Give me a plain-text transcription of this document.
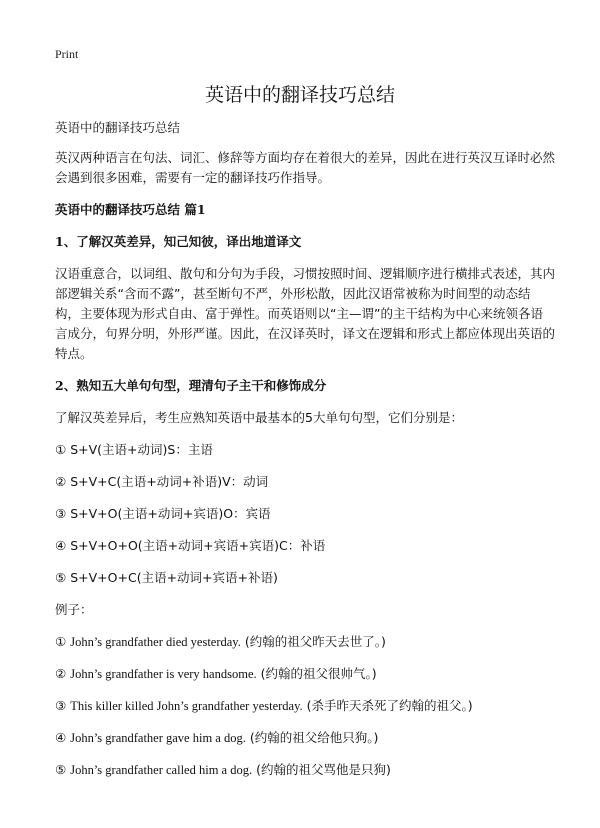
Print
英语中的翻译技巧总结

英语中的翻译技巧总结

英汉两种语言在句法、词汇、修辞等方面均存在着很大的差异，因此在进行英汉互译时必然会遇到很多困难，需要有一定的翻译技巧作指导。

英语中的翻译技巧总结 篇1
1、了解汉英差异，知己知彼，译出地道译文

汉语重意合，以词组、散句和分句为手段，习惯按照时间、逻辑顺序进行横排式表述，其内部逻辑关系“含而不露”，甚至断句不严，外形松散，因此汉语常被称为时间型的动态结构，主要体现为形式自由、富于弹性。而英语则以“主—谓”的主干结构为中心来统领各语言成分，句界分明，外形严谨。因此，在汉译英时，译文在逻辑和形式上都应体现出英语的特点。

2、熟知五大单句句型，理清句子主干和修饰成分

了解汉英差异后，考生应熟知英语中最基本的5大单句句型，它们分别是：

① S+V(主语+动词)S：主语
② S+V+C(主语+动词+补语)V：动词
③ S+V+O(主语+动词+宾语)O：宾语
④ S+V+O+O(主语+动词+宾语+宾语)C：补语
⑤ S+V+O+C(主语+动词+宾语+补语)

例子：

① John’s grandfather died yesterday. (约翰的祖父昨天去世了。)
② John’s grandfather is very handsome. (约翰的祖父很帅气。)
③ This killer killed John’s grandfather yesterday. (杀手昨天杀死了约翰的祖父。)
④ John’s grandfather gave him a dog. (约翰的祖父给他只狗。)
⑤ John’s grandfather called him a dog. (约翰的祖父骂他是只狗)
